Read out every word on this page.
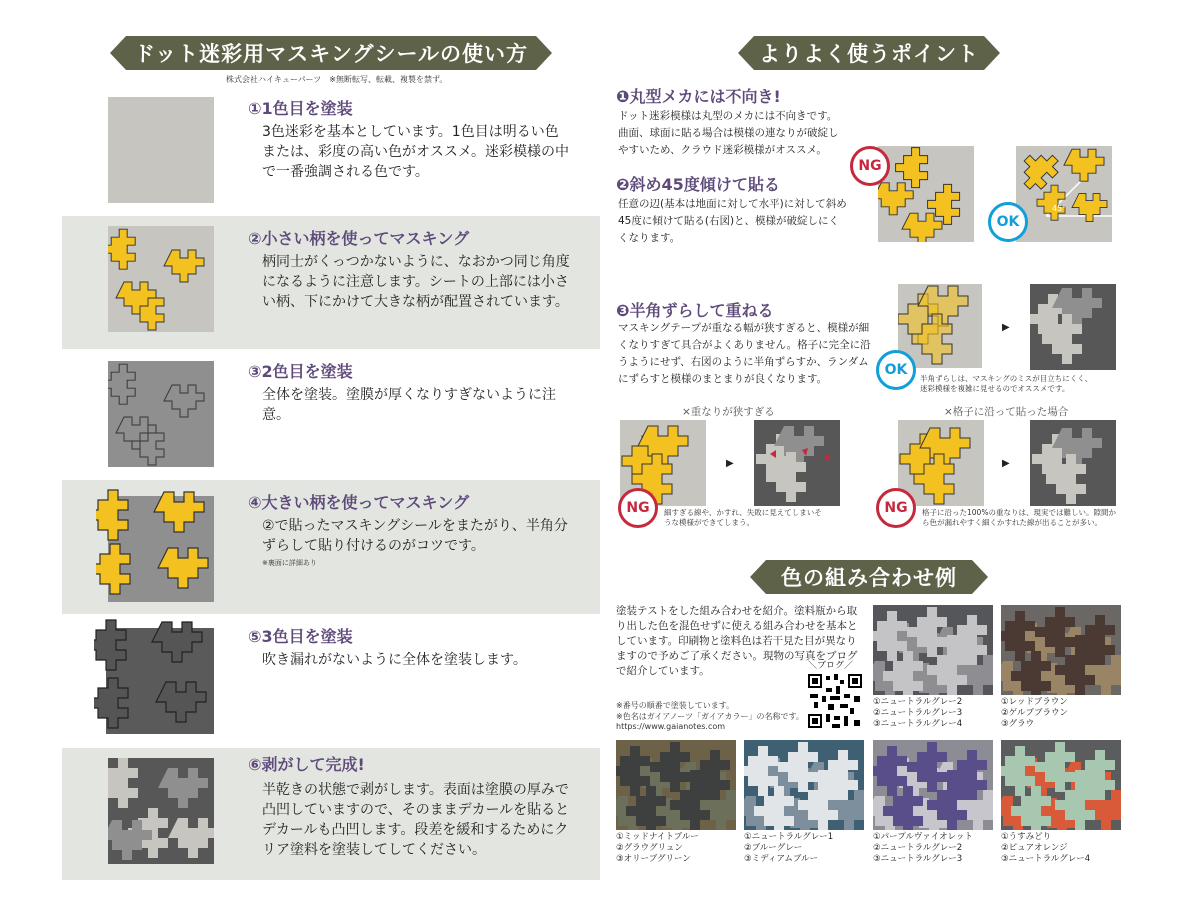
ドット迷彩用マスキングシールの使い方
株式会社ハイキューパーツ　※無断転写、転載、複製を禁ず。
①1色目を塗装
3色迷彩を基本としています。1色目は明るい色または、彩度の高い色がオススメ。迷彩模様の中で一番強調される色です。
②小さい柄を使ってマスキング
柄同士がくっつかないように、なおかつ同じ角度になるように注意します。シートの上部には小さい柄、下にかけて大きな柄が配置されています。
③2色目を塗装
全体を塗装。塗膜が厚くなりすぎないように注意。
④大きい柄を使ってマスキング
②で貼ったマスキングシールをまたがり、半角分ずらして貼り付けるのがコツです。
※裏面に詳細あり
⑤3色目を塗装
吹き漏れがないように全体を塗装します。
⑥剥がして完成!
半乾きの状態で剥がします。表面は塗膜の厚みで凸凹していますので、そのままデカールを貼るとデカールも凸凹します。段差を緩和するためにクリア塗料を塗装してしてください。
よりよく使うポイント
❶丸型メカには不向き!
ドット迷彩模様は丸型のメカには不向きです。曲面、球面に貼る場合は模様の連なりが破綻しやすいため、クラウド迷彩模様がオススメ。
❷斜め45度傾けて貼る
任意の辺(基本は地面に対して水平)に対して斜め45度に傾けて貼る(右図)と、模様が破綻しにくくなります。
NG
45°
OK
❸半角ずらして重ねる
マスキングテープが重なる幅が狭すぎると、模様が細くなりすぎて具合がよくありません。格子に完全に沿うようにせず、右図のように半角ずらすか、ランダムにずらすと模様のまとまりが良くなります。
▶
OK
半角ずらしは、マスキングのミスが目立ちにくく、迷彩模様を複雑に見せるのでオススメです。
×重なりが狭すぎる	×格子に沿って貼った場合
▶
NG	細すぎる線や、かすれ、失敗に見えてしまいそうな模様ができてしまう。
▶
NG	格子に沿った100%の重なりは、現実では難しい。隙間から色が漏れやすく細くかすれた線が出ることが多い。
色の組み合わせ例
塗装テストをした組み合わせを紹介。塗料瓶から取り出した色を混色せずに使える組み合わせを基本としています。印刷物と塗料色は若干見た目が異なりますので予めご了承ください。現物の写真をブログで紹介しています。	＼ブログ／
※番号の順番で塗装しています。
※色名はガイアノーツ「ガイアカラー」の名称です。
https://www.gaianotes.com
①ニュートラルグレー2
②ニュートラルグレー3
③ニュートラルグレー4
①レッドブラウン
②ゲルブブラウン
③グラウ
①ミッドナイトブルー
②グラウグリュン
③オリーブグリーン
①ニュートラルグレー1
②ブルーグレー
③ミディアムブルー
①パープルヴァイオレット
②ニュートラルグレー2
③ニュートラルグレー3
①うすみどり
②ピュアオレンジ
③ニュートラルグレー4
